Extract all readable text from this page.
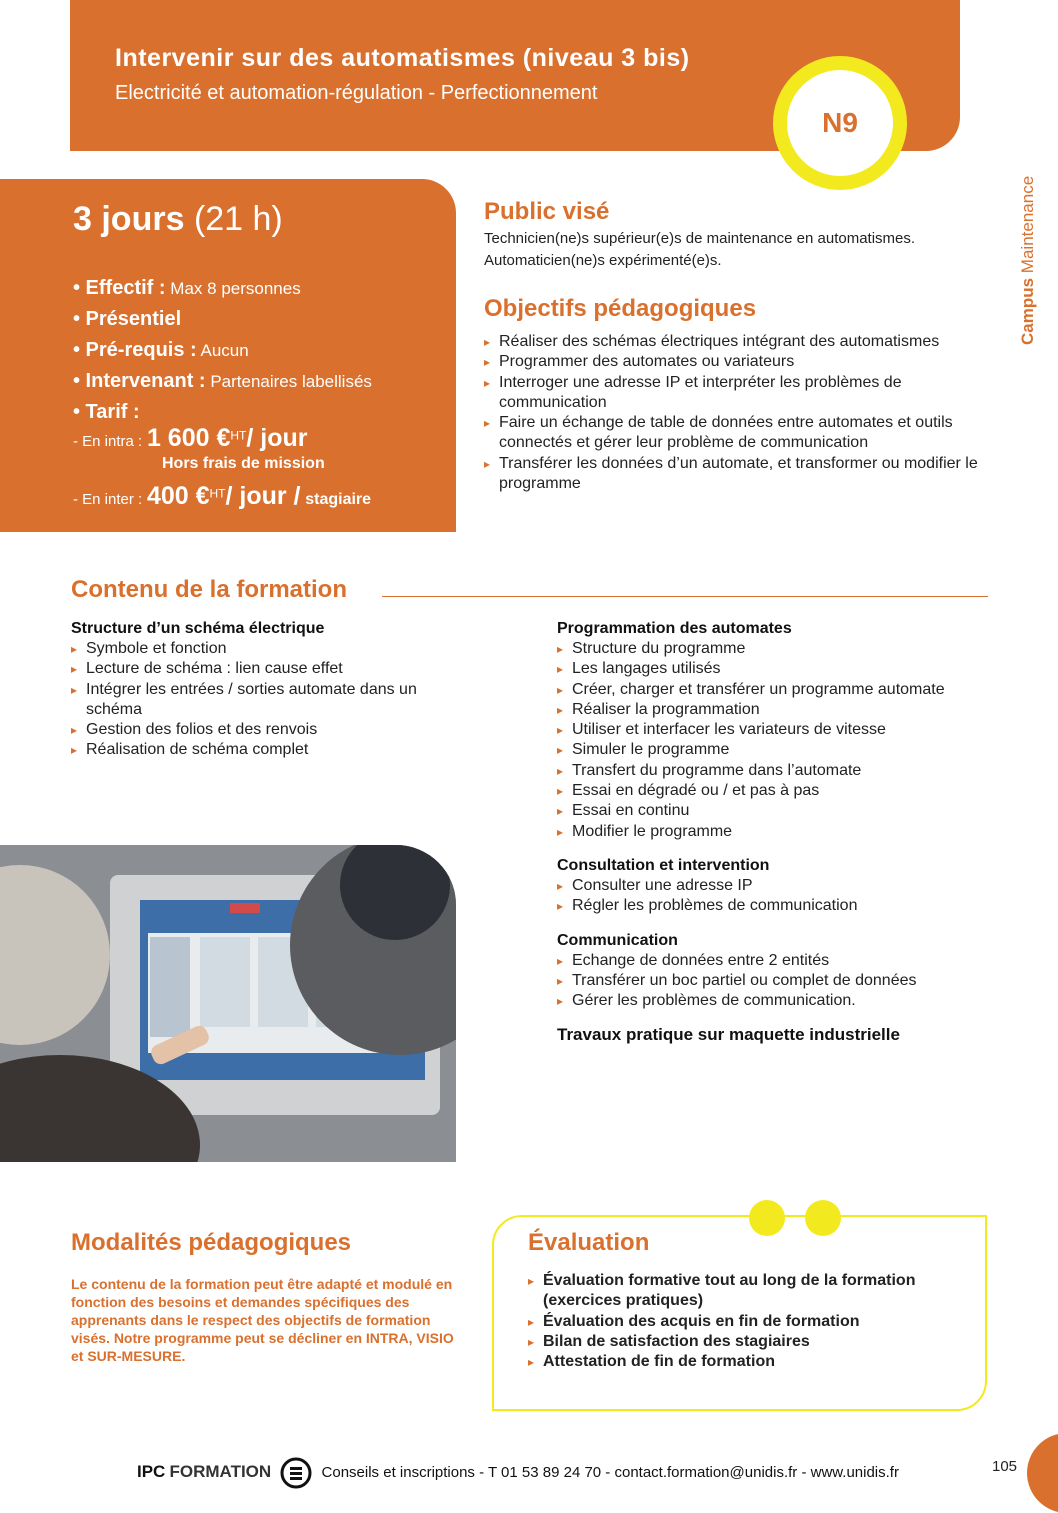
Intervenir sur des automatismes (niveau 3 bis)
Electricité et automation-régulation - Perfectionnement
N9
Campus Maintenance
3 jours (21 h)
• Effectif : Max 8 personnes
• Présentiel
• Pré-requis : Aucun
• Intervenant : Partenaires labellisés
• Tarif :
- En intra : 1 600 €$^{HT}$/ jour
Hors frais de mission
- En inter : 400 €$^{HT}$/ jour / stagiaire
Public visé
Technicien(ne)s supérieur(e)s de maintenance en automatismes.
Automaticien(ne)s expérimenté(e)s.
Objectifs pédagogiques
▸ Réaliser des schémas électriques intégrant des automatismes
▸ Programmer des automates ou variateurs
▸ Interroger une adresse IP et interpréter les problèmes de communication
▸ Faire un échange de table de données entre automates et outils connectés et gérer leur problème de communication
▸ Transférer les données d’un automate, et transformer ou modifier le programme
Contenu de la formation
Structure d’un schéma électrique
▸ Symbole et fonction
▸ Lecture de schéma : lien cause effet
▸ Intégrer les entrées / sorties automate dans un schéma
▸ Gestion des folios et des renvois
▸ Réalisation de schéma complet
Programmation des automates
▸ Structure du programme
▸ Les langages utilisés
▸ Créer, charger et transférer un programme automate
▸ Réaliser la programmation
▸ Utiliser et interfacer les variateurs de vitesse
▸ Simuler le programme
▸ Transfert du programme dans l’automate
▸ Essai en dégradé ou / et pas à pas
▸ Essai en continu
▸ Modifier le programme
Consultation et intervention
▸ Consulter une adresse IP
▸ Régler les problèmes de communication
Communication
▸ Echange de données entre 2 entités
▸ Transférer un boc partiel ou complet de données
▸ Gérer les problèmes de communication.
Travaux pratique sur maquette industrielle
Modalités pédagogiques
Le contenu de la formation peut être adapté et modulé en fonction des besoins et demandes spécifiques des apprenants dans le respect des objectifs de formation visés. Notre programme peut se décliner en INTRA, VISIO et SUR-MESURE.
Évaluation
▸ Évaluation formative tout au long de la formation (exercices pratiques)
▸ Évaluation des acquis en fin de formation
▸ Bilan de satisfaction des stagiaires
▸ Attestation de fin de formation
IPC FORMATION	Conseils et inscriptions - T 01 53 89 24 70 - contact.formation@unidis.fr - www.unidis.fr	105
